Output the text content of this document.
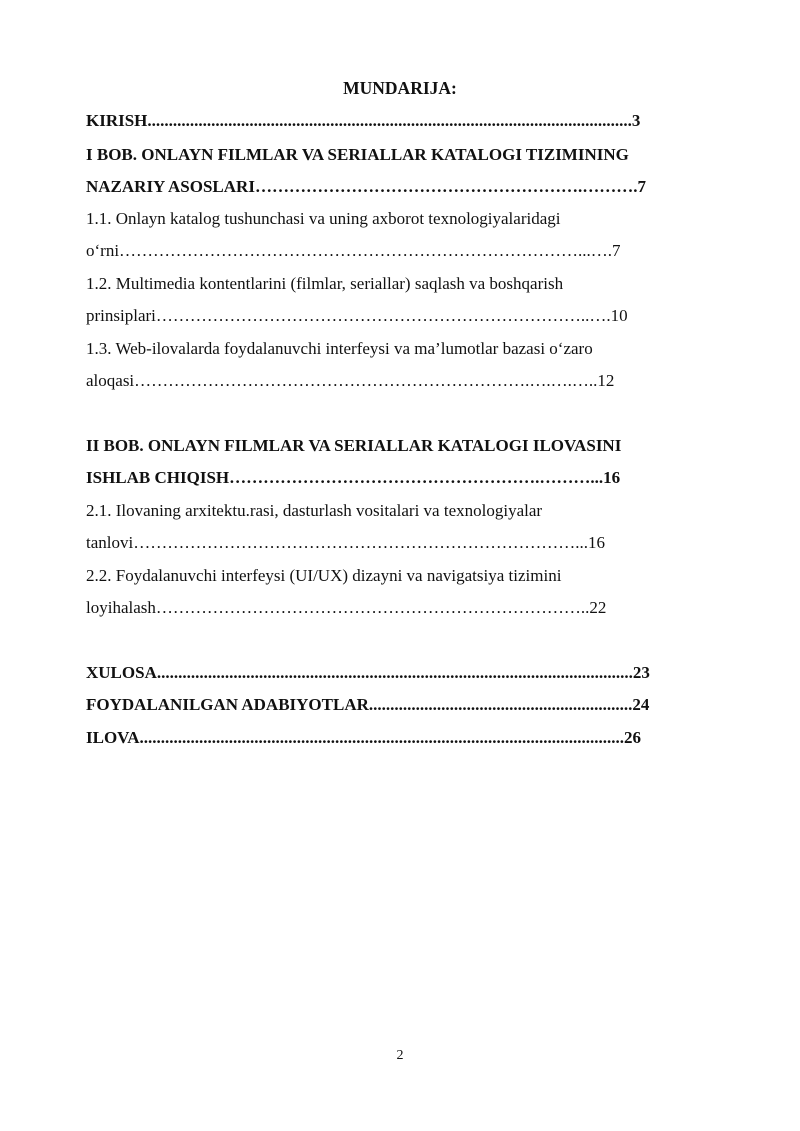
MUNDARIJA:
KIRISH..................................................................................................................3
I BOB. ONLAYN FILMLAR VA SERIALLAR KATALOGI TIZIMINING
NAZARIY ASOSLARI………………………………………………….……….7
1.1. Onlayn katalog tushunchasi va uning axborot texnologiyalaridagi
o‘rni………………………………………………………………………...….7
1.2. Multimedia kontentlarini (filmlar, seriallar) saqlash va boshqarish
prinsiplari…………………………………………………………………..….10
1.3. Web-ilovalarda foydalanuvchi interfeysi va ma’lumotlar bazasi o‘zaro
aloqasi…………………………………………………………….….….…..12
II BOB. ONLAYN FILMLAR VA SERIALLAR KATALOGI ILOVASINI
ISHLAB CHIQISH……………………………………………….………...16
2.1. Ilovaning arxitektu.rasi, dasturlash vositalari va texnologiyalar
tanlovi……………………………………………………………………...16
2.2. Foydalanuvchi interfeysi (UI/UX) dizayni va navigatsiya tizimini
loyihalash…………………………………………………………………..22
XULOSA................................................................................................................23
FOYDALANILGAN ADABIYOTLAR..............................................................24
ILOVA..................................................................................................................26
2
